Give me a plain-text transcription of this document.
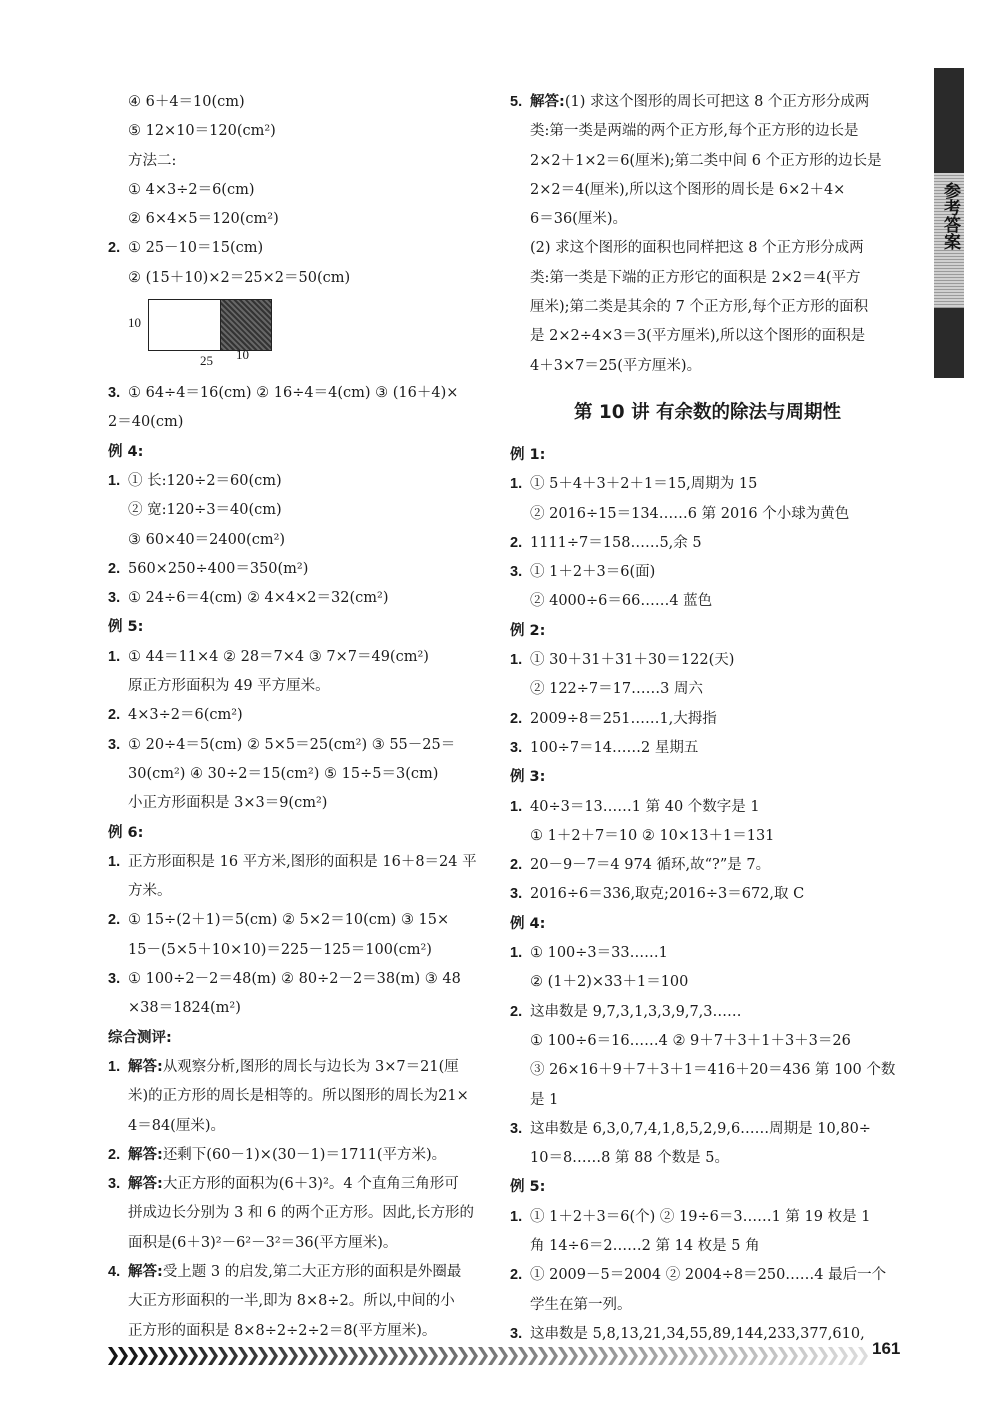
参考答案
④ 6＋4＝10(cm)
⑤ 12×10＝120(cm²)
方法二:
① 4×3÷2＝6(cm)
② 6×4×5＝120(cm²)
2. ① 25－10＝15(cm)
② (15＋10)×2＝25×2＝50(cm)
10
25 10
3. ① 64÷4＝16(cm) ② 16÷4＝4(cm) ③ (16＋4)×
2＝40(cm)
例 4:
1. ① 长:120÷2＝60(cm)
② 宽:120÷3＝40(cm)
③ 60×40＝2400(cm²)
2. 560×250÷400＝350(m²)
3. ① 24÷6＝4(cm) ② 4×4×2＝32(cm²)
例 5:
1. ① 44＝11×4 ② 28＝7×4 ③ 7×7＝49(cm²)
原正方形面积为 49 平方厘米。
2. 4×3÷2＝6(cm²)
3. ① 20÷4＝5(cm) ② 5×5＝25(cm²) ③ 55－25＝
30(cm²) ④ 30÷2＝15(cm²) ⑤ 15÷5＝3(cm)
小正方形面积是 3×3＝9(cm²)
例 6:
1. 正方形面积是 16 平方米,图形的面积是 16＋8＝24 平
方米。
2. ① 15÷(2＋1)＝5(cm) ② 5×2＝10(cm) ③ 15×
15－(5×5＋10×10)＝225－125＝100(cm²)
3. ① 100÷2－2＝48(m) ② 80÷2－2＝38(m) ③ 48
×38＝1824(m²)
综合测评:
1. 解答:从观察分析,图形的周长与边长为 3×7＝21(厘
米)的正方形的周长是相等的。所以图形的周长为21×
4＝84(厘米)。
2. 解答:还剩下(60－1)×(30－1)＝1711(平方米)。
3. 解答:大正方形的面积为(6＋3)²。4 个直角三角形可
拼成边长分别为 3 和 6 的两个正方形。因此,长方形的
面积是(6＋3)²－6²－3²＝36(平方厘米)。
4. 解答:受上题 3 的启发,第二大正方形的面积是外圈最
大正方形面积的一半,即为 8×8÷2。所以,中间的小
正方形的面积是 8×8÷2÷2÷2＝8(平方厘米)。
5. 解答:(1) 求这个图形的周长可把这 8 个正方形分成两
类:第一类是两端的两个正方形,每个正方形的边长是
2×2＋1×2＝6(厘米);第二类中间 6 个正方形的边长是
2×2＝4(厘米),所以这个图形的周长是 6×2＋4×
6＝36(厘米)。
(2) 求这个图形的面积也同样把这 8 个正方形分成两
类:第一类是下端的正方形它的面积是 2×2＝4(平方
厘米);第二类是其余的 7 个正方形,每个正方形的面积
是 2×2÷4×3＝3(平方厘米),所以这个图形的面积是
4＋3×7＝25(平方厘米)。
第 10 讲 有余数的除法与周期性
例 1:
1. ① 5＋4＋3＋2＋1＝15,周期为 15
② 2016÷15＝134……6 第 2016 个小球为黄色
2. 1111÷7＝158……5,余 5
3. ① 1＋2＋3＝6(面)
② 4000÷6＝66……4 蓝色
例 2:
1. ① 30＋31＋31＋30＝122(天)
② 122÷7＝17……3 周六
2. 2009÷8＝251……1,大拇指
3. 100÷7＝14……2 星期五
例 3:
1. 40÷3＝13……1 第 40 个数字是 1
① 1＋2＋7＝10 ② 10×13＋1＝131
2. 20－9－7＝4 974 循环,故“?”是 7。
3. 2016÷6＝336,取克;2016÷3＝672,取 C
例 4:
1. ① 100÷3＝33……1
② (1＋2)×33＋1＝100
2. 这串数是 9,7,3,1,3,3,9,7,3……
① 100÷6＝16……4 ② 9＋7＋3＋1＋3＋3＝26
③ 26×16＋9＋7＋3＋1＝416＋20＝436 第 100 个数
是 1
3. 这串数是 6,3,0,7,4,1,8,5,2,9,6……周期是 10,80÷
10＝8……8 第 88 个数是 5。
例 5:
1. ① 1＋2＋3＝6(个) ② 19÷6＝3……1 第 19 枚是 1
角 14÷6＝2……2 第 14 枚是 5 角
2. ① 2009－5＝2004 ② 2004÷8＝250……4 最后一个
学生在第一列。
3. 这串数是 5,8,13,21,34,55,89,144,233,377,610,
161
